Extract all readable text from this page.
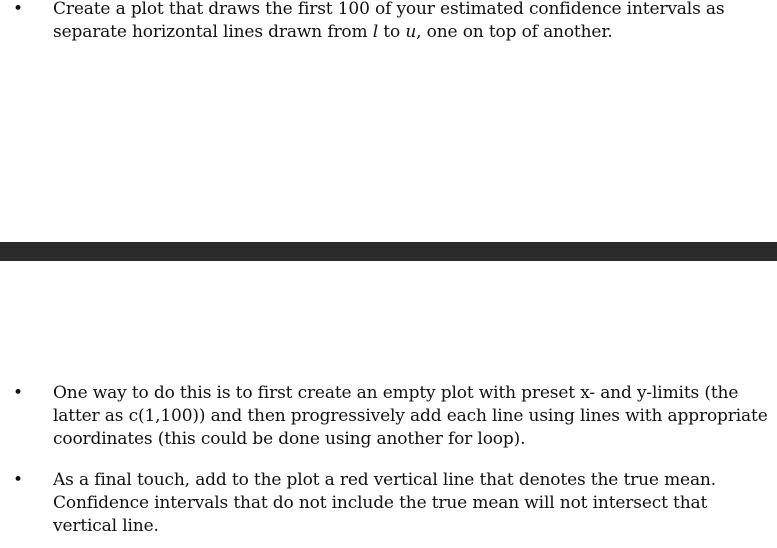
• Create a plot that draws the first 100 of your estimated confidence intervals as
separate horizontal lines drawn from l to u, one on top of another.
• One way to do this is to first create an empty plot with preset x- and y-limits (the
latter as c(1,100)) and then progressively add each line using lines with appropriate
coordinates (this could be done using another for loop).
• As a final touch, add to the plot a red vertical line that denotes the true mean.
Confidence intervals that do not include the true mean will not intersect that
vertical line.
